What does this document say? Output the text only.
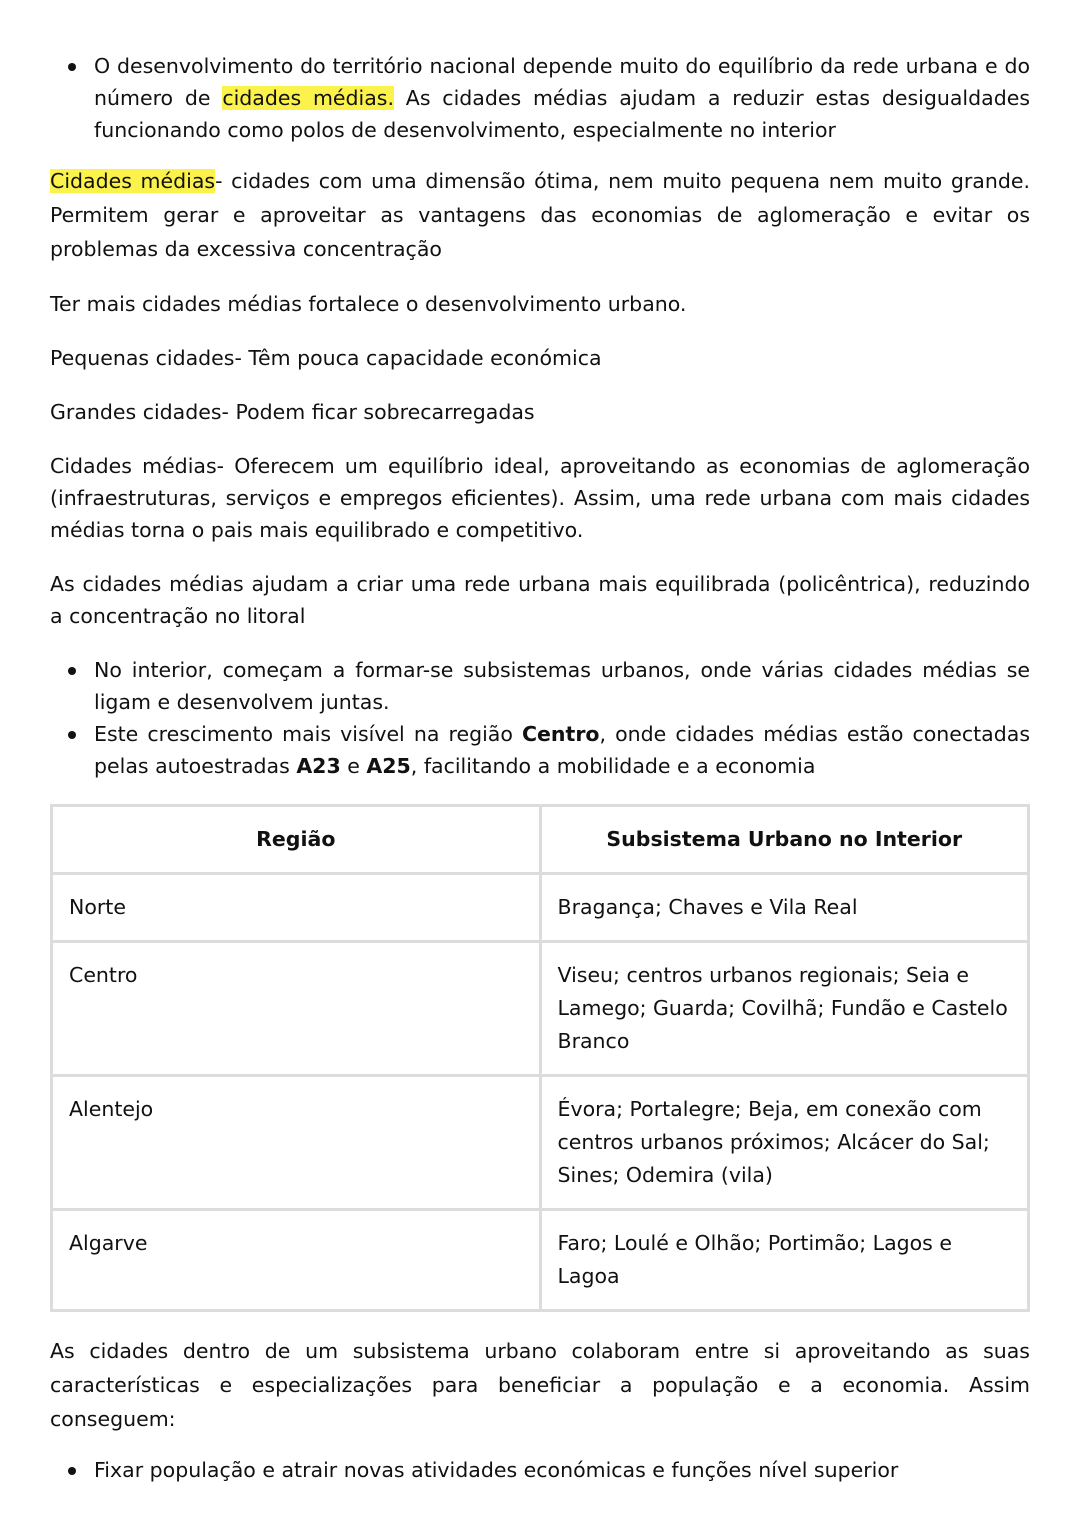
O desenvolvimento do território nacional depende muito do equilíbrio da rede urbana e do número de cidades médias. As cidades médias ajudam a reduzir estas desigualdades funcionando como polos de desenvolvimento, especialmente no interior

Cidades médias- cidades com uma dimensão ótima, nem muito pequena nem muito grande. Permitem gerar e aproveitar as vantagens das economias de aglomeração e evitar os problemas da excessiva concentração

Ter mais cidades médias fortalece o desenvolvimento urbano.

Pequenas cidades- Têm pouca capacidade económica

Grandes cidades- Podem ficar sobrecarregadas

Cidades médias- Oferecem um equilíbrio ideal, aproveitando as economias de aglomeração (infraestruturas, serviços e empregos eficientes). Assim, uma rede urbana com mais cidades médias torna o pais mais equilibrado e competitivo.

As cidades médias ajudam a criar uma rede urbana mais equilibrada (policêntrica), reduzindo a concentração no litoral

No interior, começam a formar-se subsistemas urbanos, onde várias cidades médias se ligam e desenvolvem juntas.
Este crescimento mais visível na região Centro, onde cidades médias estão conectadas pelas autoestradas A23 e A25, facilitando a mobilidade e a economia
Região	Subsistema Urbano no Interior
Norte	Bragança; Chaves e Vila Real
Centro	Viseu; centros urbanos regionais; Seia e Lamego; Guarda; Covilhã; Fundão e Castelo Branco
Alentejo	Évora; Portalegre; Beja, em conexão com centros urbanos próximos; Alcácer do Sal; Sines; Odemira (vila)
Algarve	Faro; Loulé e Olhão; Portimão; Lagos e Lagoa

As cidades dentro de um subsistema urbano colaboram entre si aproveitando as suas características e especializações para beneficiar a população e a economia. Assim conseguem:

Fixar população e atrair novas atividades económicas e funções nível superior
